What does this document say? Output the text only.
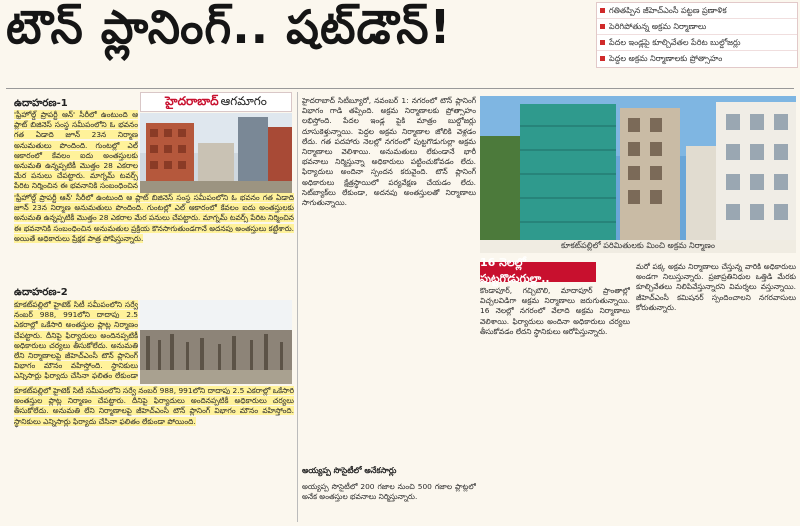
టౌన్ ప్లానింగ్.. షట్‌డౌన్!	గతితప్పిన జీహెచ్ఎంసీ పట్టణ ప్రణాళిక
పెరిగిపోతున్న అక్రమ నిర్మాణాలు
పేదల ఇండ్లపై కూల్చివేతల పేరిట బుల్డోజర్లు
పెద్దల అక్రమ నిర్మాణాలకు ప్రోత్సాహం
ఉదాహరణ-1	హైదరాబాద్ ఆగమాగం
'ఫ్రీహోల్డ్ ప్రాపర్టీ ఆన్' సీరీలో ఉంటుంది ఆ ప్లాట్ బిజినెస్ సంస్థ సమీపంలోని ఓ భవనం గత ఏడాది జూన్ 23న నిర్మాణ అనుమతులు పొందింది. గుంటల్లో ఎల్ ఆకారంలో కేవలం ఐదు అంతస్తులకు అనుమతి ఉన్నప్పటికీ మొత్తం 28 ఎకరాల మేర పనులు చేపట్టారు. మాగ్నమ్ టవర్స్ పేరిట నిర్మించిన ఈ భవనానికి సంబంధించిన
'ఫ్రీహోల్డ్ ప్రాపర్టీ ఆన్' సీరీలో ఉంటుంది ఆ ప్లాట్ బిజినెస్ సంస్థ సమీపంలోని ఓ భవనం గత ఏడాది జూన్ 23న నిర్మాణ అనుమతులు పొందింది. గుంటల్లో ఎల్ ఆకారంలో కేవలం ఐదు అంతస్తులకు అనుమతి ఉన్నప్పటికీ మొత్తం 28 ఎకరాల మేర పనులు చేపట్టారు. మాగ్నమ్ టవర్స్ పేరిట నిర్మించిన ఈ భవనానికి సంబంధించిన అనుమతుల ప్రక్రియ కొనసాగుతుండగానే అదనపు అంతస్తులు కట్టేశారు. అయితే అధికారులు ప్రేక్షక పాత్ర పోషిస్తున్నారు.
ఉదాహరణ-2
కూకట్‌పల్లిలో హైటెక్ సిటీ సమీపంలోని సర్వే నంబర్ 988, 991లోని దాదాపు 2.5 ఎకరాల్లో ఒకేసారి అంతస్తుల ప్లాట్ల నిర్మాణం చేపట్టారు. దీనిపై ఫిర్యాదులు అందినప్పటికీ అధికారులు చర్యలు తీసుకోలేదు. అనుమతి లేని నిర్మాణాలపై జీహెచ్ఎంసీ టౌన్ ప్లానింగ్ విభాగం మౌనం వహిస్తోంది. స్థానికులు ఎన్నిసార్లు ఫిర్యాదు చేసినా ఫలితం లేకుండా
కూకట్‌పల్లిలో హైటెక్ సిటీ సమీపంలోని సర్వే నంబర్ 988, 991లోని దాదాపు 2.5 ఎకరాల్లో ఒకేసారి అంతస్తుల ప్లాట్ల నిర్మాణం చేపట్టారు. దీనిపై ఫిర్యాదులు అందినప్పటికీ అధికారులు చర్యలు తీసుకోలేదు. అనుమతి లేని నిర్మాణాలపై జీహెచ్ఎంసీ టౌన్ ప్లానింగ్ విభాగం మౌనం వహిస్తోంది. స్థానికులు ఎన్నిసార్లు ఫిర్యాదు చేసినా ఫలితం లేకుండా పోయింది.
హైదరాబాద్ సిటీబ్యూరో, నవంబర్ 1: నగరంలో టౌన్ ప్లానింగ్ విభాగం గాడి తప్పింది. అక్రమ నిర్మాణాలకు ప్రోత్సాహం లభిస్తోంది. పేదల ఇండ్ల పైకి మాత్రం బుల్డోజర్లు దూసుకెళ్తున్నాయి. పెద్దల అక్రమ నిర్మాణాల జోలికి వెళ్లడం లేదు. గత పదహారు నెలల్లో నగరంలో పుట్టగొడుగుల్లా అక్రమ నిర్మాణాలు వెలిశాయి. అనుమతులు లేకుండానే భారీ భవనాలు నిర్మిస్తున్నా అధికారులు పట్టించుకోవడం లేదు. ఫిర్యాదులు అందినా స్పందన కరువైంది. టౌన్ ప్లానింగ్ అధికారులు క్షేత్రస్థాయిలో పర్యవేక్షణ చేయడం లేదు. సెట్‌బ్యాక్‌లు లేకుండా, అదనపు అంతస్తులతో నిర్మాణాలు సాగుతున్నాయి.
అయ్యప్ప సొసైటీలో అనేకసార్లు
అయ్యప్ప సొసైటీలో 200 గజాల నుంచి 500 గజాల ప్లాట్లలో అనేక అంతస్తుల భవనాలు నిర్మిస్తున్నారు.
కూకట్‌పల్లిలో పరిమితులకు మించి అక్రమ నిర్మాణం
16 నెలల్లో పుట్టగొడుగుల్లా..
కొండాపూర్, గచ్చిబౌలి, మాదాపూర్ ప్రాంతాల్లో విచ్చలవిడిగా అక్రమ నిర్మాణాలు జరుగుతున్నాయి. 16 నెలల్లో నగరంలో వేలాది అక్రమ నిర్మాణాలు వెలిశాయి. ఫిర్యాదులు అందినా అధికారులు చర్యలు తీసుకోవడం లేదని స్థానికులు ఆరోపిస్తున్నారు.
మరో పక్క అక్రమ నిర్మాణాలు చేస్తున్న వారికి అధికారులు అండగా నిలుస్తున్నారు. ప్రజాప్రతినిధుల ఒత్తిడి మేరకు కూల్చివేతలు నిలిపివేస్తున్నారని విమర్శలు వస్తున్నాయి. జీహెచ్ఎంసీ కమిషనర్ స్పందించాలని నగరవాసులు కోరుతున్నారు.
